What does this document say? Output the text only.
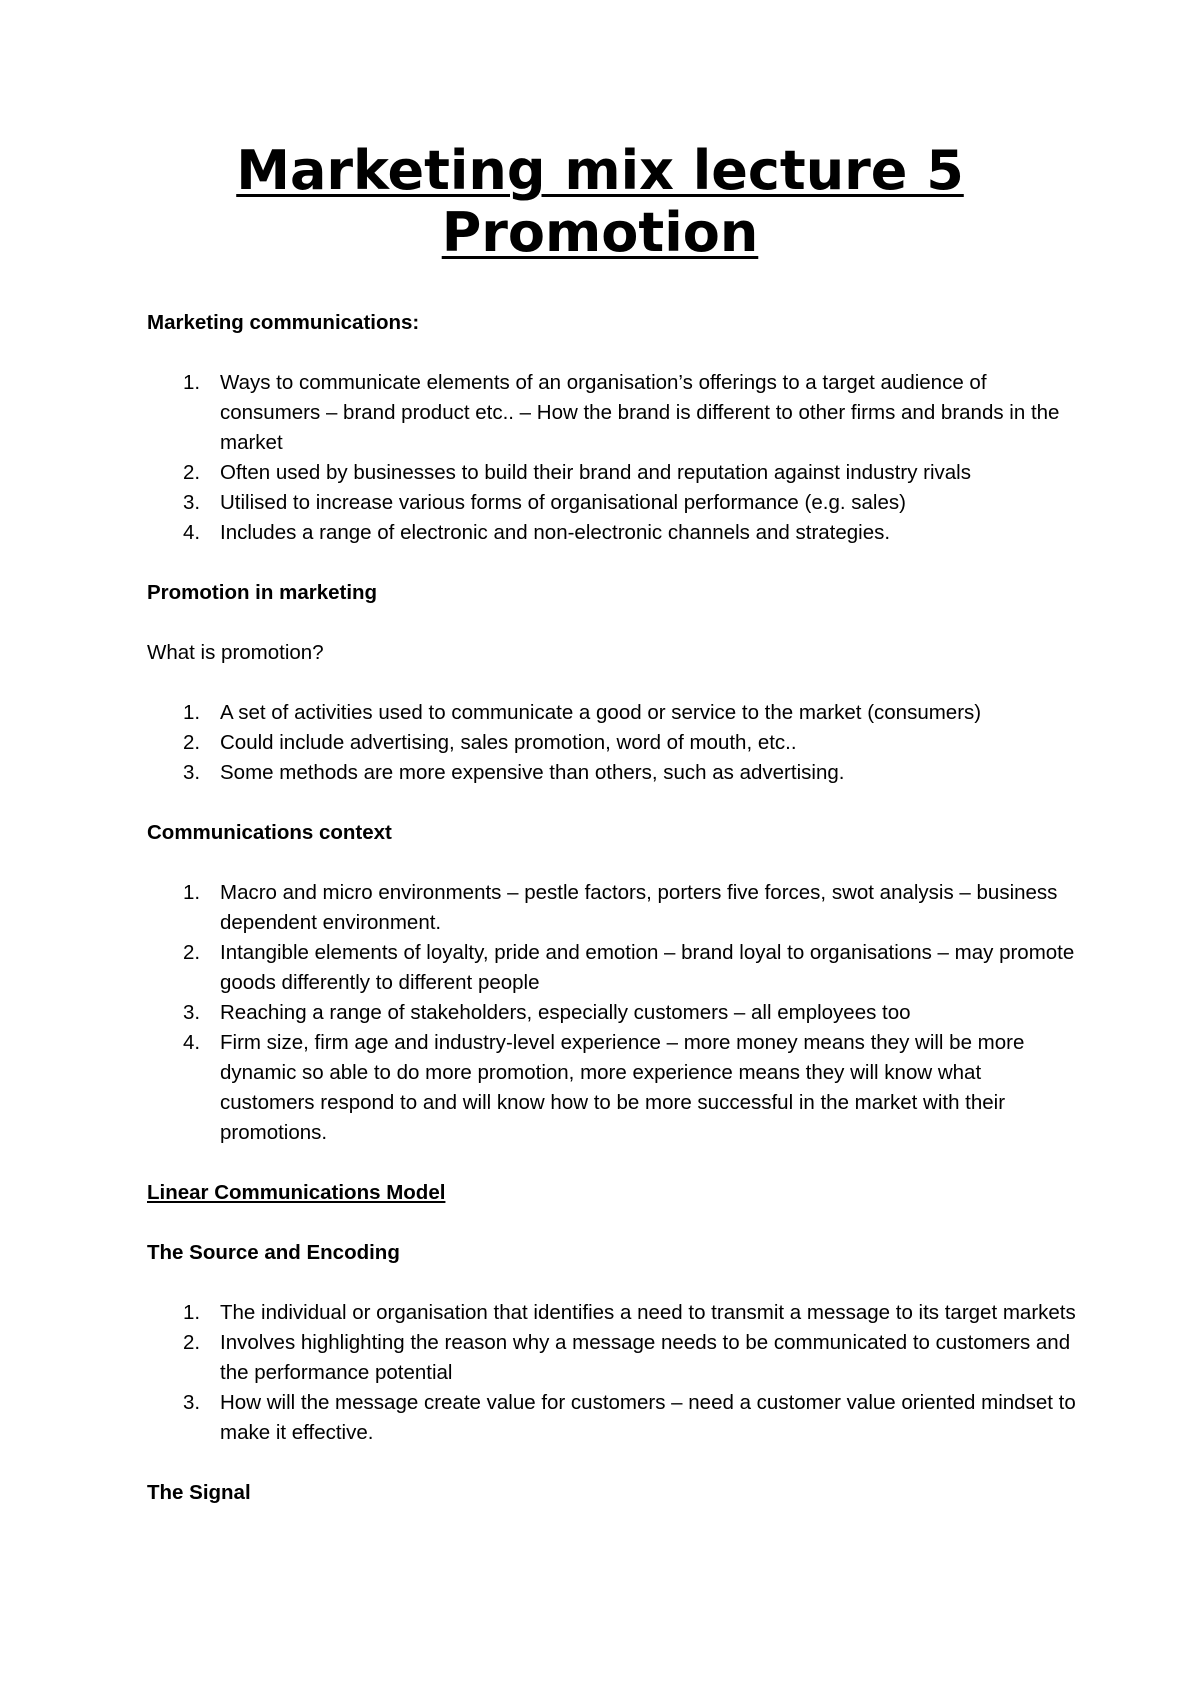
Marketing mix lecture 5
Promotion
Marketing communications:
1. Ways to communicate elements of an organisation’s offerings to a target audience of consumers – brand product etc.. – How the brand is different to other firms and brands in the market
2. Often used by businesses to build their brand and reputation against industry rivals
3. Utilised to increase various forms of organisational performance (e.g. sales)
4. Includes a range of electronic and non-electronic channels and strategies.
Promotion in marketing
What is promotion?
1. A set of activities used to communicate a good or service to the market (consumers)
2. Could include advertising, sales promotion, word of mouth, etc..
3. Some methods are more expensive than others, such as advertising.
Communications context
1. Macro and micro environments – pestle factors, porters five forces, swot analysis – business dependent environment.
2. Intangible elements of loyalty, pride and emotion – brand loyal to organisations – may promote goods differently to different people
3. Reaching a range of stakeholders, especially customers – all employees too
4. Firm size, firm age and industry-level experience – more money means they will be more dynamic so able to do more promotion, more experience means they will know what customers respond to and will know how to be more successful in the market with their promotions.
Linear Communications Model
The Source and Encoding
1. The individual or organisation that identifies a need to transmit a message to its target markets
2. Involves highlighting the reason why a message needs to be communicated to customers and the performance potential
3. How will the message create value for customers – need a customer value oriented mindset to make it effective.
The Signal
